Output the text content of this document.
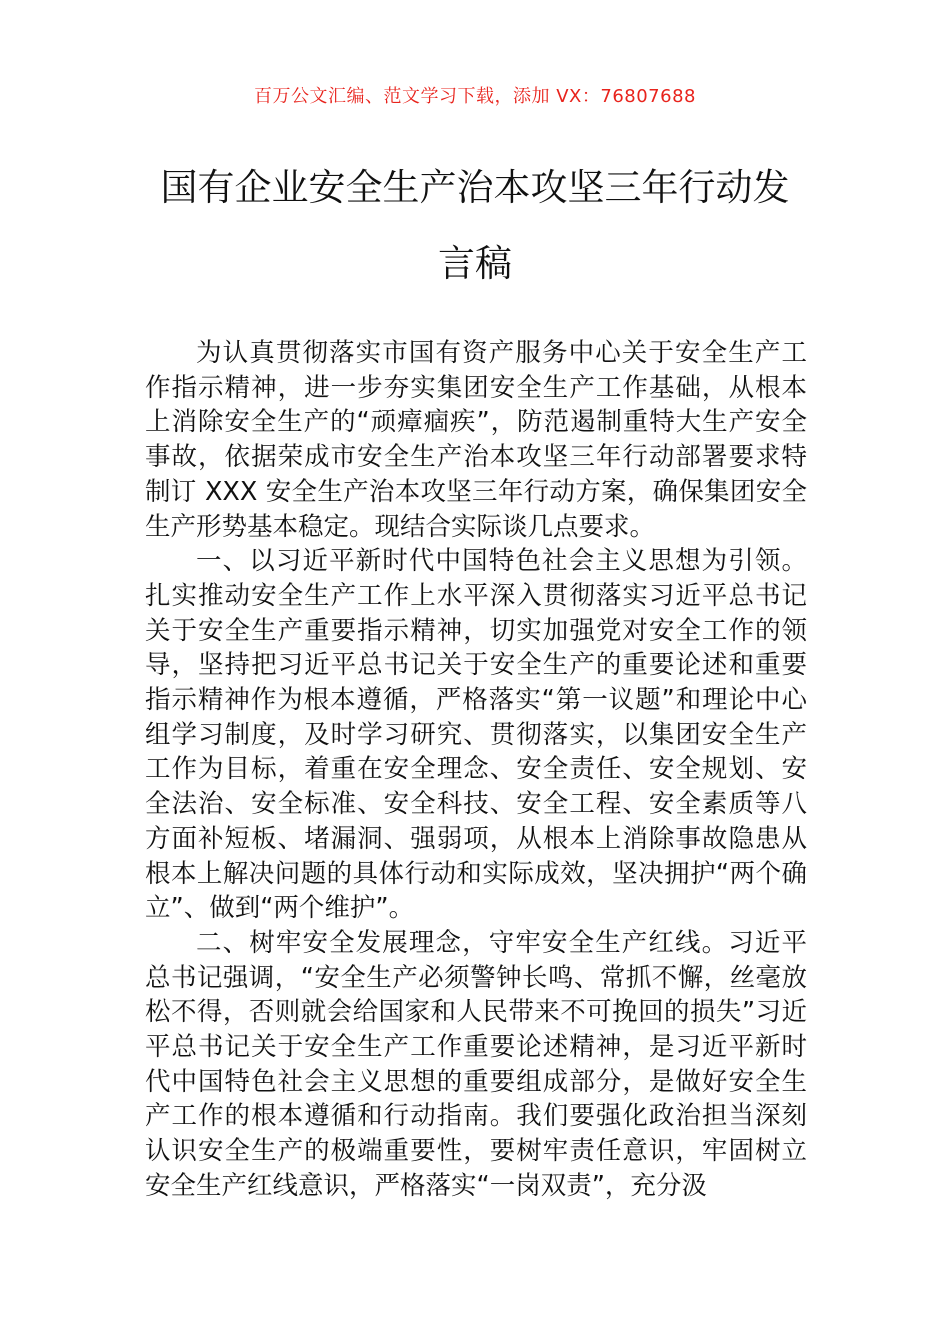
百万公文汇编、范文学习下载，添加 VX：76807688
国有企业安全生产治本攻坚三年行动发言稿

为认真贯彻落实市国有资产服务中心关于安全生产工作指示精神，进一步夯实集团安全生产工作基础，从根本上消除安全生产的“顽瘴痼疾”，防范遏制重特大生产安全事故，依据荣成市安全生产治本攻坚三年行动部署要求特制订 XXX 安全生产治本攻坚三年行动方案，确保集团安全生产形势基本稳定。现结合实际谈几点要求。

一、以习近平新时代中国特色社会主义思想为引领。扎实推动安全生产工作上水平深入贯彻落实习近平总书记关于安全生产重要指示精神，切实加强党对安全工作的领导，坚持把习近平总书记关于安全生产的重要论述和重要指示精神作为根本遵循，严格落实“第一议题”和理论中心组学习制度，及时学习研究、贯彻落实，以集团安全生产工作为目标，着重在安全理念、安全责任、安全规划、安全法治、安全标准、安全科技、安全工程、安全素质等八方面补短板、堵漏洞、强弱项，从根本上消除事故隐患从根本上解决问题的具体行动和实际成效，坚决拥护“两个确立”、做到“两个维护”。

二、树牢安全发展理念，守牢安全生产红线。习近平总书记强调，“安全生产必须警钟长鸣、常抓不懈，丝毫放松不得，否则就会给国家和人民带来不可挽回的损失”习近平总书记关于安全生产工作重要论述精神，是习近平新时代中国特色社会主义思想的重要组成部分，是做好安全生产工作的根本遵循和行动指南。我们要强化政治担当深刻认识安全生产的极端重要性，要树牢责任意识，牢固树立安全生产红线意识，严格落实“一岗双责”，充分汲
